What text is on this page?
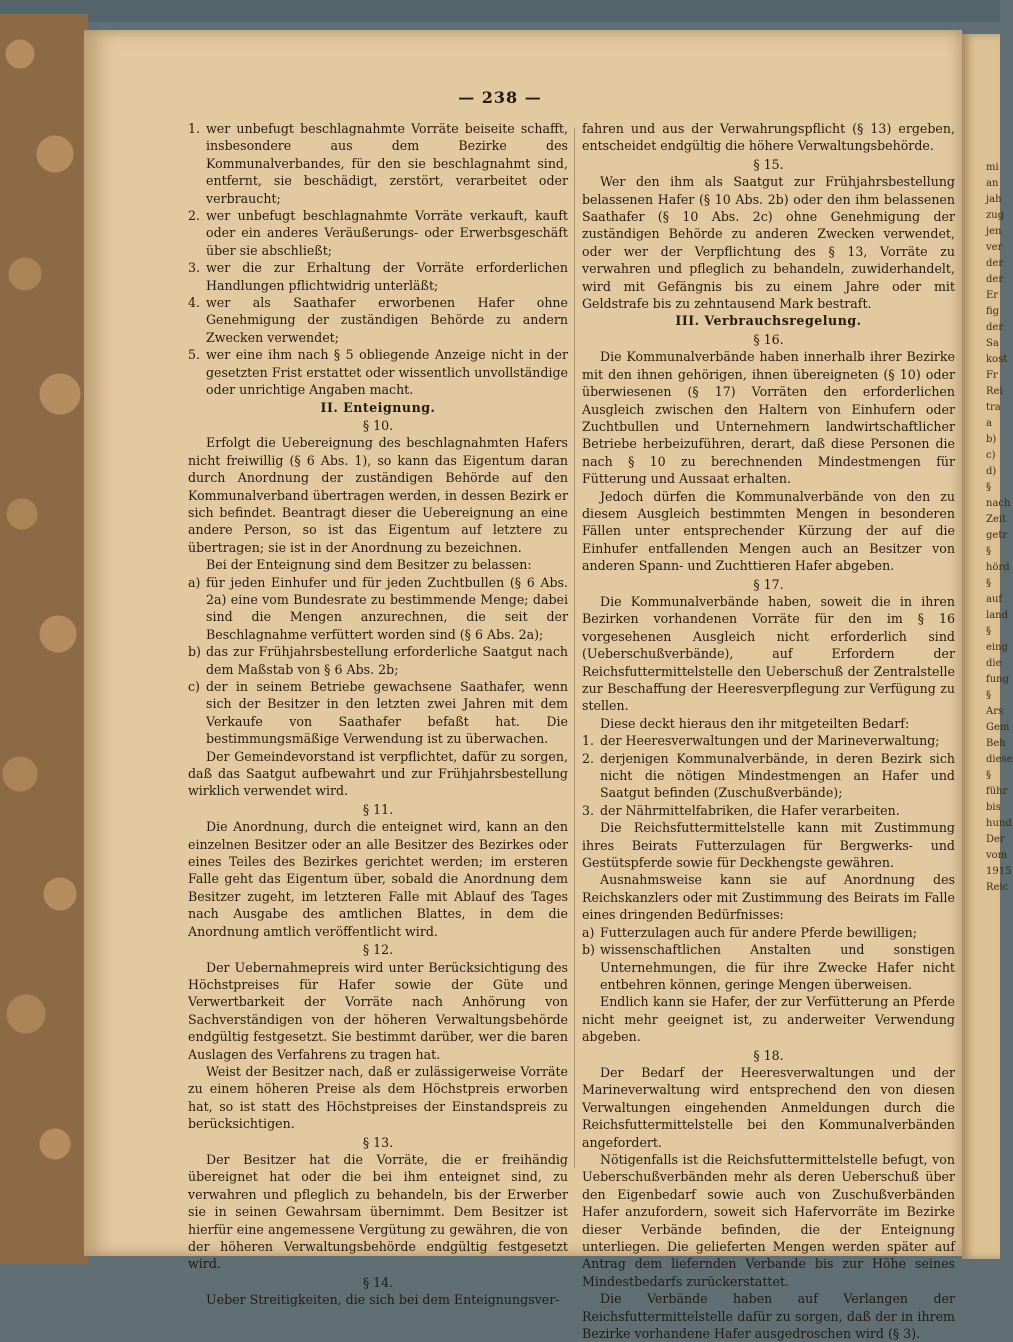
mi
an
jah
zug
jen
ver
der
der
Er
fig
der
Sa
kost
Fr
Rei
tra
a
b)
c)
d)
§
nach
Zeit
getr
§
hörd
§
auf
land
§
eing
die
fung
§
Ars
Gem
Beh
diese
§
führ
bis
hund
Der
vom
1915
Reic
— 238 —
1. wer unbefugt beschlagnahmte Vorräte beiseite schafft, insbesondere aus dem Bezirke des Kommunalverbandes, für den sie beschlagnahmt sind, entfernt, sie beschädigt, zerstört, verarbeitet oder verbraucht;
2. wer unbefugt beschlagnahmte Vorräte verkauft, kauft oder ein anderes Veräußerungs- oder Erwerbsgeschäft über sie abschließt;
3. wer die zur Erhaltung der Vorräte erforderlichen Handlungen pflichtwidrig unterläßt;
4. wer als Saathafer erworbenen Hafer ohne Genehmigung der zuständigen Behörde zu andern Zwecken verwendet;
5. wer eine ihm nach § 5 obliegende Anzeige nicht in der gesetzten Frist erstattet oder wissentlich unvollständige oder unrichtige Angaben macht.

II. Enteignung.

§ 10.

Erfolgt die Uebereignung des beschlagnahmten Hafers nicht freiwillig (§ 6 Abs. 1), so kann das Eigentum daran durch Anordnung der zuständigen Behörde auf den Kommunalverband übertragen werden, in dessen Bezirk er sich befindet. Beantragt dieser die Uebereignung an eine andere Person, so ist das Eigentum auf letztere zu übertragen; sie ist in der Anordnung zu bezeichnen.

Bei der Enteignung sind dem Besitzer zu belassen:

a) für jeden Einhufer und für jeden Zuchtbullen (§ 6 Abs. 2a) eine vom Bundesrate zu bestimmende Menge; dabei sind die Mengen anzurechnen, die seit der Beschlagnahme verfüttert worden sind (§ 6 Abs. 2a);
b) das zur Frühjahrsbestellung erforderliche Saatgut nach dem Maßstab von § 6 Abs. 2b;
c) der in seinem Betriebe gewachsene Saathafer, wenn sich der Besitzer in den letzten zwei Jahren mit dem Verkaufe von Saathafer befaßt hat. Die bestimmungsmäßige Verwendung ist zu überwachen.

Der Gemeindevorstand ist verpflichtet, dafür zu sorgen, daß das Saatgut aufbewahrt und zur Frühjahrsbestellung wirklich verwendet wird.

§ 11.

Die Anordnung, durch die enteignet wird, kann an den einzelnen Besitzer oder an alle Besitzer des Bezirkes oder eines Teiles des Bezirkes gerichtet werden; im ersteren Falle geht das Eigentum über, sobald die Anordnung dem Besitzer zugeht, im letzteren Falle mit Ablauf des Tages nach Ausgabe des amtlichen Blattes, in dem die Anordnung amtlich veröffentlicht wird.

§ 12.

Der Uebernahmepreis wird unter Berücksichtigung des Höchstpreises für Hafer sowie der Güte und Verwertbarkeit der Vorräte nach Anhörung von Sachverständigen von der höheren Verwaltungsbehörde endgültig festgesetzt. Sie bestimmt darüber, wer die baren Auslagen des Verfahrens zu tragen hat.

Weist der Besitzer nach, daß er zulässigerweise Vorräte zu einem höheren Preise als dem Höchstpreis erworben hat, so ist statt des Höchstpreises der Einstandspreis zu berücksichtigen.

§ 13.

Der Besitzer hat die Vorräte, die er freihändig übereignet hat oder die bei ihm enteignet sind, zu verwahren und pfleglich zu behandeln, bis der Erwerber sie in seinen Gewahrsam übernimmt. Dem Besitzer ist hierfür eine angemessene Vergütung zu gewähren, die von der höheren Verwaltungsbehörde endgültig festgesetzt wird.

§ 14.

Ueber Streitigkeiten, die sich bei dem Enteignungsver-

fahren und aus der Verwahrungspflicht (§ 13) ergeben, entscheidet endgültig die höhere Verwaltungsbehörde.

§ 15.

Wer den ihm als Saatgut zur Frühjahrsbestellung belassenen Hafer (§ 10 Abs. 2b) oder den ihm belassenen Saathafer (§ 10 Abs. 2c) ohne Genehmigung der zuständigen Behörde zu anderen Zwecken verwendet, oder wer der Verpflichtung des § 13, Vorräte zu verwahren und pfleglich zu behandeln, zuwiderhandelt, wird mit Gefängnis bis zu einem Jahre oder mit Geldstrafe bis zu zehntausend Mark bestraft.

III. Verbrauchsregelung.

§ 16.

Die Kommunalverbände haben innerhalb ihrer Bezirke mit den ihnen gehörigen, ihnen übereigneten (§ 10) oder überwiesenen (§ 17) Vorräten den erforderlichen Ausgleich zwischen den Haltern von Einhufern oder Zuchtbullen und Unternehmern landwirtschaftlicher Betriebe herbeizuführen, derart, daß diese Personen die nach § 10 zu berechnenden Mindestmengen für Fütterung und Aussaat erhalten.

Jedoch dürfen die Kommunalverbände von den zu diesem Ausgleich bestimmten Mengen in besonderen Fällen unter entsprechender Kürzung der auf die Einhufer entfallenden Mengen auch an Besitzer von anderen Spann- und Zuchttieren Hafer abgeben.

§ 17.

Die Kommunalverbände haben, soweit die in ihren Bezirken vorhandenen Vorräte für den im § 16 vorgesehenen Ausgleich nicht erforderlich sind (Ueberschußverbände), auf Erfordern der Reichsfuttermittelstelle den Ueberschuß der Zentralstelle zur Beschaffung der Heeresverpflegung zur Verfügung zu stellen.

Diese deckt hieraus den ihr mitgeteilten Bedarf:

1. der Heeresverwaltungen und der Marineverwaltung;
2. derjenigen Kommunalverbände, in deren Bezirk sich nicht die nötigen Mindestmengen an Hafer und Saatgut befinden (Zuschußverbände);
3. der Nährmittelfabriken, die Hafer verarbeiten.

Die Reichsfuttermittelstelle kann mit Zustimmung ihres Beirats Futterzulagen für Bergwerks- und Gestütspferde sowie für Deckhengste gewähren.

Ausnahmsweise kann sie auf Anordnung des Reichskanzlers oder mit Zustimmung des Beirats im Falle eines dringenden Bedürfnisses:

a) Futterzulagen auch für andere Pferde bewilligen;
b) wissenschaftlichen Anstalten und sonstigen Unternehmungen, die für ihre Zwecke Hafer nicht entbehren können, geringe Mengen überweisen.

Endlich kann sie Hafer, der zur Verfütterung an Pferde nicht mehr geeignet ist, zu anderweiter Verwendung abgeben.

§ 18.

Der Bedarf der Heeresverwaltungen und der Marineverwaltung wird entsprechend den von diesen Verwaltungen eingehenden Anmeldungen durch die Reichsfuttermittelstelle bei den Kommunalverbänden angefordert.

Nötigenfalls ist die Reichsfuttermittelstelle befugt, von Ueberschußverbänden mehr als deren Ueberschuß über den Eigenbedarf sowie auch von Zuschußverbänden Hafer anzufordern, soweit sich Hafervorräte im Bezirke dieser Verbände befinden, die der Enteignung unterliegen. Die gelieferten Mengen werden später auf Antrag dem liefernden Verbande bis zur Höhe seines Mindestbedarfs zurückerstattet.

Die Verbände haben auf Verlangen der Reichsfuttermittelstelle dafür zu sorgen, daß der in ihrem Bezirke vorhandene Hafer ausgedroschen wird (§ 3).
